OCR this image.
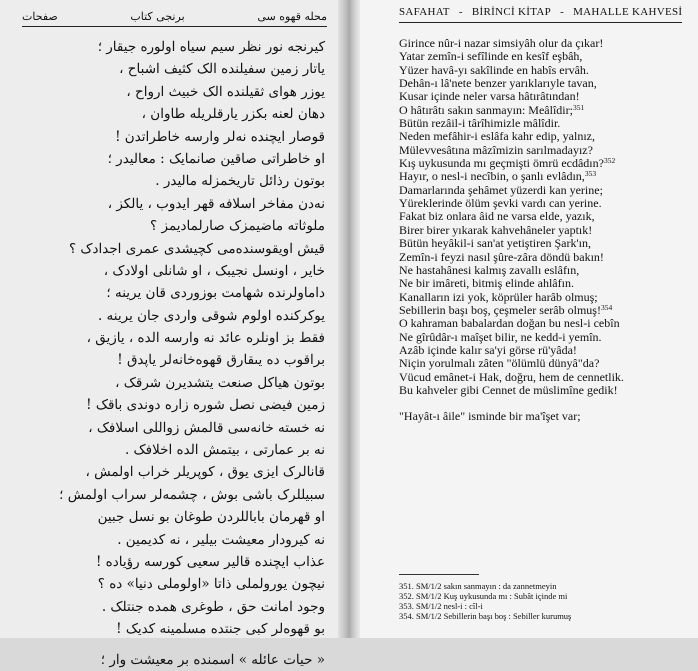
محله قهوه سی
برنجی کتاب
صفحات
کیرنجه نور نظر سیم سیاه اولوره جیقار ؛
یاتار زمین سفیلنده الک کثیف اشباح ،
یوزر هوای ثقیلنده الک خبیث ارواح ،
دهان لعنه بکزر یارقلریله طاوان ،
قوصار ایچنده نه‌لر وارسه خاطراتدن !
او خاطراتی صاقین صانمایک : معالیدر ؛
بوتون رذائل تاریخمزله مالیدر .
نه‌دن مفاخر اسلافه قهر ایدوب ، یالکز ،
ملوثاته ماضیمزک صارلمادیمز ؟
قیش اویقوسنده‌می کچیشدی عمری اجدادک ؟
خایر ، اونسل نجیبک ، او شانلی اولادک ،
داماولرنده شهامت بوزوردی قان یرینه ؛
یوکرکنده اولوم شوقی واردی جان یرینه .
فقط بز اونلره عائد نه وارسه الده ، یازیق ،
براقوب ده یىقارق قهوه‌خانه‌لر یاپدق !
بوتون هیاکل صنعت یتشدیرن شرقک ،
زمین فیضی نصل شوره زاره دوندی باقک !
نه خسته خانه‌سی قالمش زواللی اسلافک ،
نه بر عمارتی ، بیتمش الده اخلافک .
قانالرک ایزی یوق ، کوپریلر خراب اولمش ،
سبیللرک باشی بوش ، چشمه‌لر سراب اولمش ؛
او قهرمان باباللردن طوغان بو نسل جبین
نه کیرودار معیشت بیلیر ، نه کدیمین .
عذاب ایچنده قالیر سعیی کورسه رؤیاده !
نیچون یورولملی ذاتا «اولوملی دنیا» ده ؟
وجود امانت حق ، طوغری همده جنتلک .
بو قهوه‌لر کبی جنتده مسلمینه کدیک !
« حیات عائله » اسمنده بر معیشت وار ؛
SAFAHAT - BİRİNCİ KİTAP - MAHALLE KAHVESİ
Girince nûr-i nazar simsiyâh olur da çıkar!
Yatar zemîn-i sefîlinde en kesîf eşbâh,
Yüzer havâ-yı sakîlinde en habîs ervâh.
Dehân-ı lâ'nete benzer yarıklarıyle tavan,
Kusar içinde neler varsa hâtırâtından!
O hâtırâtı sakın sanmayın: Meâlîdir;$^{351}$
Bütün rezâil-i târîhimizle mâlîdir.
Neden mefâhir-i eslâfa kahr edip, yalnız,
Mülevvesâtına mâzîmizin sarılmadayız?
Kış uykusunda mı geçmişti ömrü ecdâdın?$^{352}$
Hayır, o nesl-i necîbin, o şanlı evlâdın,$^{353}$
Damarlarında şehâmet yüzerdi kan yerine;
Yüreklerinde ölüm şevki vardı can yerine.
Fakat biz onlara âid ne varsa elde, yazık,
Birer birer yıkarak kahvehâneler yaptık!
Bütün heyâkil-i san'at yetiştiren Şark'ın,
Zemîn-i feyzi nasıl şûre-zâra döndü bakın!
Ne hastahânesi kalmış zavallı eslâfın,
Ne bir imâreti, bitmiş elinde ahlâfın.
Kanalların izi yok, köprüler harâb olmuş;
Sebillerin başı boş, çeşmeler serâb olmuş!$^{354}$
O kahraman babalardan doğan bu nesl-i cebîn
Ne gîrûdâr-ı maîşet bilir, ne kedd-i yemîn.
Azâb içinde kalır sa'yi görse rü'yâda!
Niçin yorulmalı zâten "ölümlü dünyâ"da?
Vücud emânet-i Hak, doğru, hem de cennetlik.
Bu kahveler gibi Cennet de müslimîne gedik!
"Hayât-ı âile" isminde bir ma'îşet var;
351. SM/1/2 sakın sanmayın : da zannetmeyin
352. SM/1/2 Kuş uykusunda mı : Subât içinde mi
353. SM/1/2 nesl-i : cîl-i
354. SM/1/2 Sebillerin başı boş : Sebiller kurumuş
